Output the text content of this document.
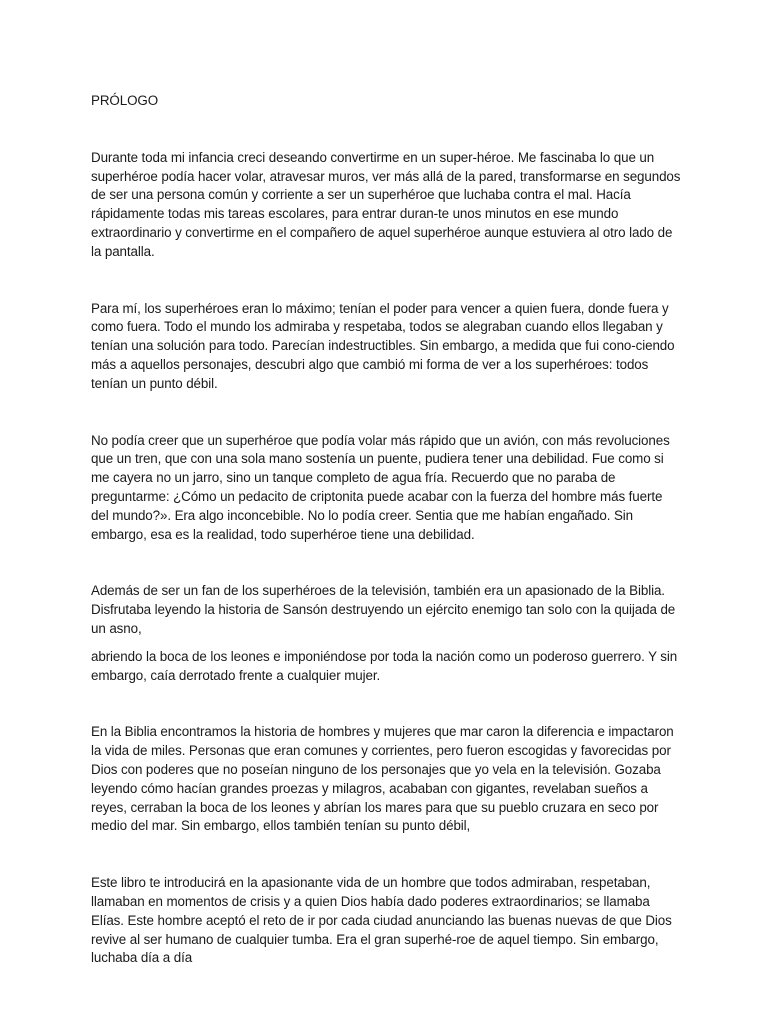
PRÓLOGO

Durante toda mi infancia creci deseando convertirme en un super-héroe. Me fascinaba lo que un superhéroe podía hacer volar, atravesar muros, ver más allá de la pared, transformarse en segundos de ser una persona común y corriente a ser un superhéroe que luchaba contra el mal. Hacía rápidamente todas mis tareas escolares, para entrar duran-te unos minutos en ese mundo extraordinario y convertirme en el compañero de aquel superhéroe aunque estuviera al otro lado de la pantalla.

Para mí, los superhéroes eran lo máximo; tenían el poder para vencer a quien fuera, donde fuera y como fuera. Todo el mundo los admiraba y respetaba, todos se alegraban cuando ellos llegaban y tenían una solución para todo. Parecían indestructibles. Sin embargo, a medida que fui cono-ciendo más a aquellos personajes, descubri algo que cambió mi forma de ver a los superhéroes: todos tenían un punto débil.

No podía creer que un superhéroe que podía volar más rápido que un avión, con más revoluciones que un tren, que con una sola mano sostenía un puente, pudiera tener una debilidad. Fue como si me cayera no un jarro, sino un tanque completo de agua fría. Recuerdo que no paraba de preguntarme: ¿Cómo un pedacito de criptonita puede acabar con la fuerza del hombre más fuerte del mundo?». Era algo inconcebible. No lo podía creer. Sentia que me habían engañado. Sin embargo, esa es la realidad, todo superhéroe tiene una debilidad.

Además de ser un fan de los superhéroes de la televisión, también era un apasionado de la Biblia. Disfrutaba leyendo la historia de Sansón destruyendo un ejército enemigo tan solo con la quijada de un asno,

abriendo la boca de los leones e imponiéndose por toda la nación como un poderoso guerrero. Y sin embargo, caía derrotado frente a cualquier mujer.

En la Biblia encontramos la historia de hombres y mujeres que mar caron la diferencia e impactaron la vida de miles. Personas que eran comunes y corrientes, pero fueron escogidas y favorecidas por Dios con poderes que no poseían ninguno de los personajes que yo vela en la televisión. Gozaba leyendo cómo hacían grandes proezas y milagros, acababan con gigantes, revelaban sueños a reyes, cerraban la boca de los leones y abrían los mares para que su pueblo cruzara en seco por medio del mar. Sin embargo, ellos también tenían su punto débil,

Este libro te introducirá en la apasionante vida de un hombre que todos admiraban, respetaban, llamaban en momentos de crisis y a quien Dios había dado poderes extraordinarios; se llamaba Elías. Este hombre aceptó el reto de ir por cada ciudad anunciando las buenas nuevas de que Dios revive al ser humano de cualquier tumba. Era el gran superhé-roe de aquel tiempo. Sin embargo, luchaba día a día
